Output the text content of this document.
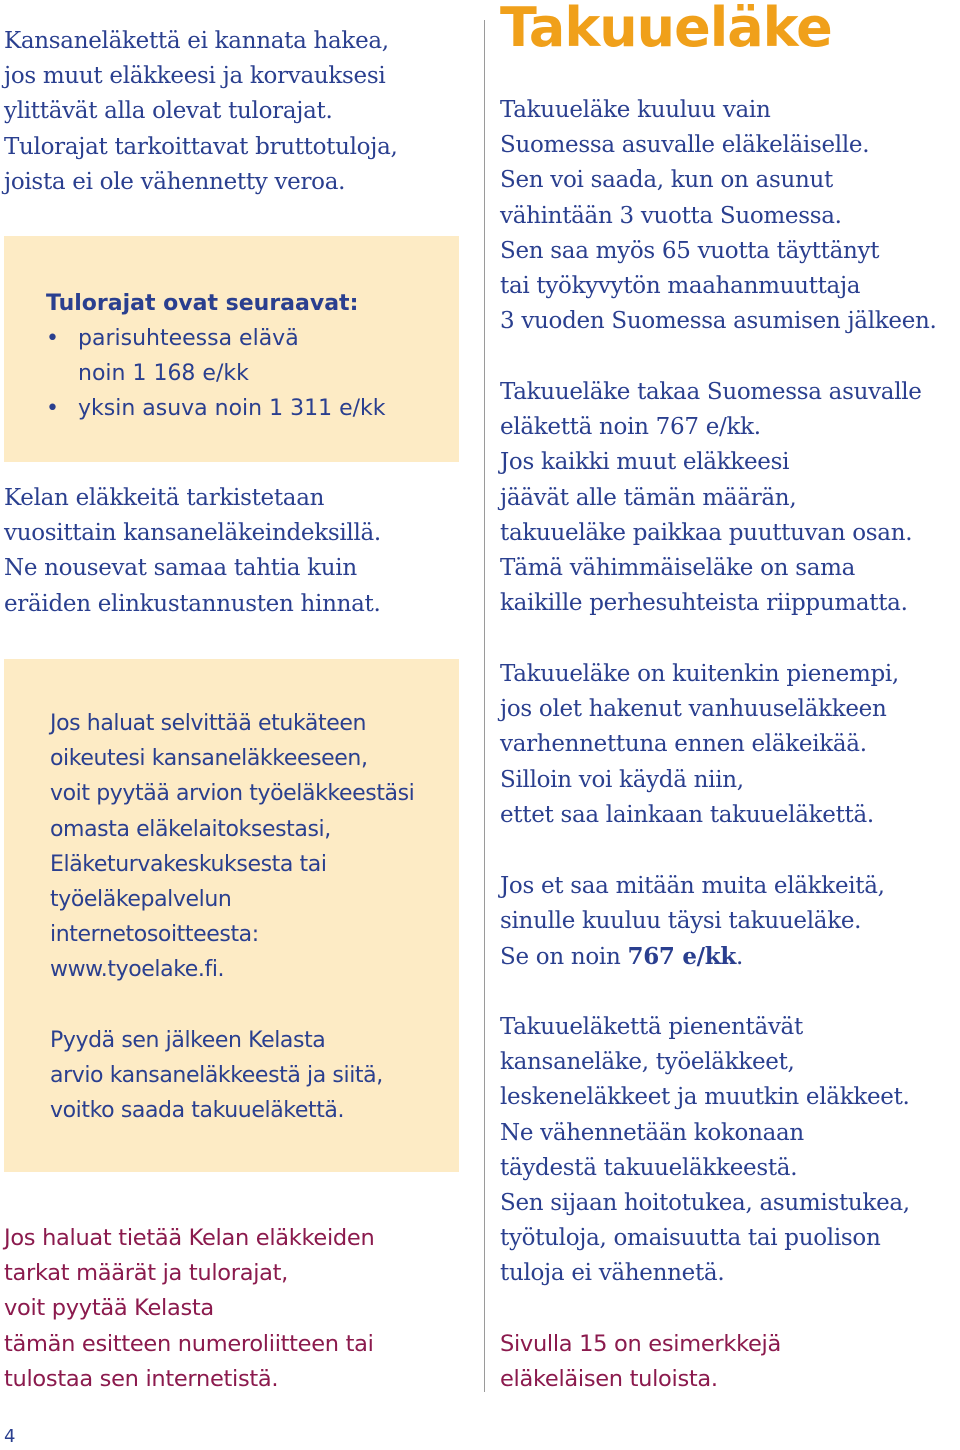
Kansaneläkettä ei kannata hakea,
jos muut eläkkeesi ja korvauksesi
ylittävät alla olevat tulorajat.
Tulorajat tarkoittavat bruttotuloja,
joista ei ole vähennetty veroa.
Tulorajat ovat seuraavat:
• parisuhteessa elävä
noin 1 168 e/kk
• yksin asuva noin 1 311 e/kk
Kelan eläkkeitä tarkistetaan
vuosittain kansaneläkeindeksillä.
Ne nousevat samaa tahtia kuin
eräiden elinkustannusten hinnat.
Jos haluat selvittää etukäteen
oikeutesi kansaneläkkeeseen,
voit pyytää arvion työeläkkeestäsi
omasta eläkelaitoksestasi,
Eläketurvakeskuksesta tai
työeläkepalvelun
internetosoitteesta:
www.tyoelake.fi.
Pyydä sen jälkeen Kelasta
arvio kansaneläkkeestä ja siitä,
voitko saada takuueläkettä.
Jos haluat tietää Kelan eläkkeiden
tarkat määrät ja tulorajat,
voit pyytää Kelasta
tämän esitteen numeroliitteen tai
tulostaa sen internetistä.
Takuueläke
Takuueläke kuuluu vain
Suomessa asuvalle eläkeläiselle.
Sen voi saada, kun on asunut
vähintään 3 vuotta Suomessa.
Sen saa myös 65 vuotta täyttänyt
tai työkyvytön maahanmuuttaja
3 vuoden Suomessa asumisen jälkeen.
Takuueläke takaa Suomessa asuvalle
eläkettä noin 767 e/kk.
Jos kaikki muut eläkkeesi
jäävät alle tämän määrän,
takuueläke paikkaa puuttuvan osan.
Tämä vähimmäiseläke on sama
kaikille perhesuhteista riippumatta.
Takuueläke on kuitenkin pienempi,
jos olet hakenut vanhuuseläkkeen
varhennettuna ennen eläkeikää.
Silloin voi käydä niin,
ettet saa lainkaan takuueläkettä.
Jos et saa mitään muita eläkkeitä,
sinulle kuuluu täysi takuueläke.
Se on noin 767 e/kk.
Takuueläkettä pienentävät
kansaneläke, työeläkkeet,
leskeneläkkeet ja muutkin eläkkeet.
Ne vähennetään kokonaan
täydestä takuueläkkeestä.
Sen sijaan hoitotukea, asumistukea,
työtuloja, omaisuutta tai puolison
tuloja ei vähennetä.
Sivulla 15 on esimerkkejä
eläkeläisen tuloista.
4
